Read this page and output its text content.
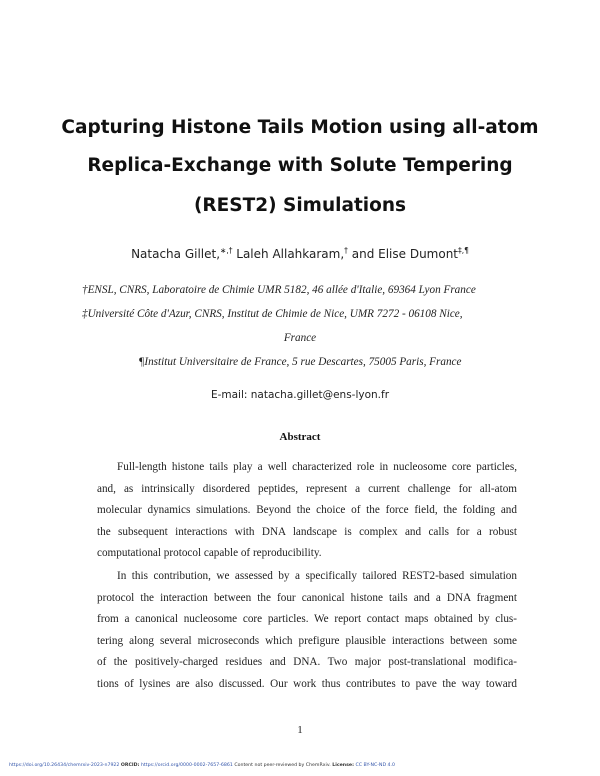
Capturing Histone Tails Motion using all-atom
Replica-Exchange with Solute Tempering
(REST2) Simulations
Natacha Gillet,∗,† Laleh Allahkaram,† and Elise Dumont‡,¶
†ENSL, CNRS, Laboratoire de Chimie UMR 5182, 46 allée d'Italie, 69364 Lyon France
‡Université Côte d'Azur, CNRS, Institut de Chimie de Nice, UMR 7272 - 06108 Nice,
France
¶Institut Universitaire de France, 5 rue Descartes, 75005 Paris, France
E-mail: natacha.gillet@ens-lyon.fr
Abstract
Full-length histone tails play a well characterized role in nucleosome core particles,
and, as intrinsically disordered peptides, represent a current challenge for all-atom
molecular dynamics simulations. Beyond the choice of the force field, the folding and
the subsequent interactions with DNA landscape is complex and calls for a robust
computational protocol capable of reproducibility.
In this contribution, we assessed by a specifically tailored REST2-based simulation
protocol the interaction between the four canonical histone tails and a DNA fragment
from a canonical nucleosome core particles. We report contact maps obtained by clus-
tering along several microseconds which prefigure plausible interactions between some
of the positively-charged residues and DNA. Two major post-translational modifica-
tions of lysines are also discussed. Our work thus contributes to pave the way toward
1
https://doi.org/10.26434/chemrxiv-2023-n7922 ORCID: https://orcid.org/0000-0002-7657-6861 Content not peer-reviewed by ChemRxiv. License: CC BY-NC-ND 4.0
